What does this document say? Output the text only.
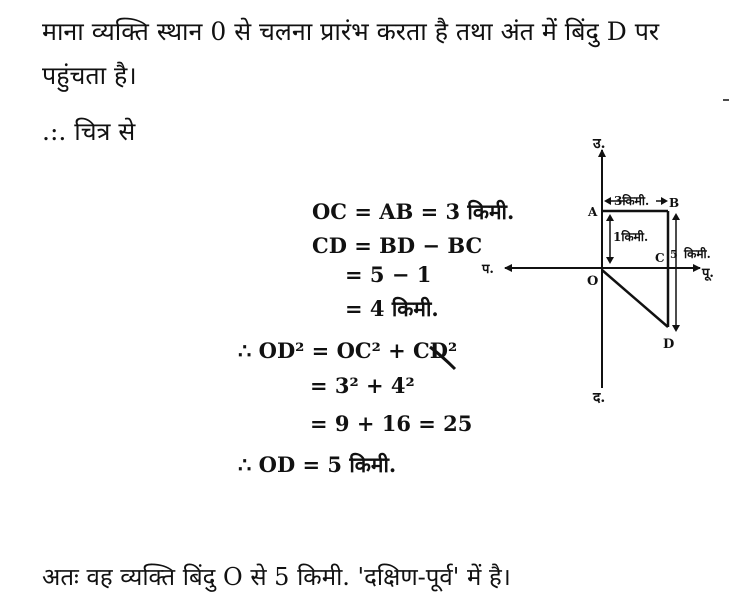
माना व्यक्ति स्थान 0 से चलना प्रारंभ करता है तथा अंत में बिंदु D पर
पहुंचता है।
.:. चित्र से
OC = AB = 3 किमी.
CD = BD − BC
= 5 − 1
= 4 किमी.
∴ OD² = OC² + CD²
= 3² + 4²
= 9 + 16 = 25
∴ OD = 5 किमी.
उ.
द.
प.	पू.
O
A
B
C
D
3किमी.
1किमी.
5 किमी.
अतः वह व्यक्ति बिंदु O से 5 किमी. 'दक्षिण-पूर्व' में है।
